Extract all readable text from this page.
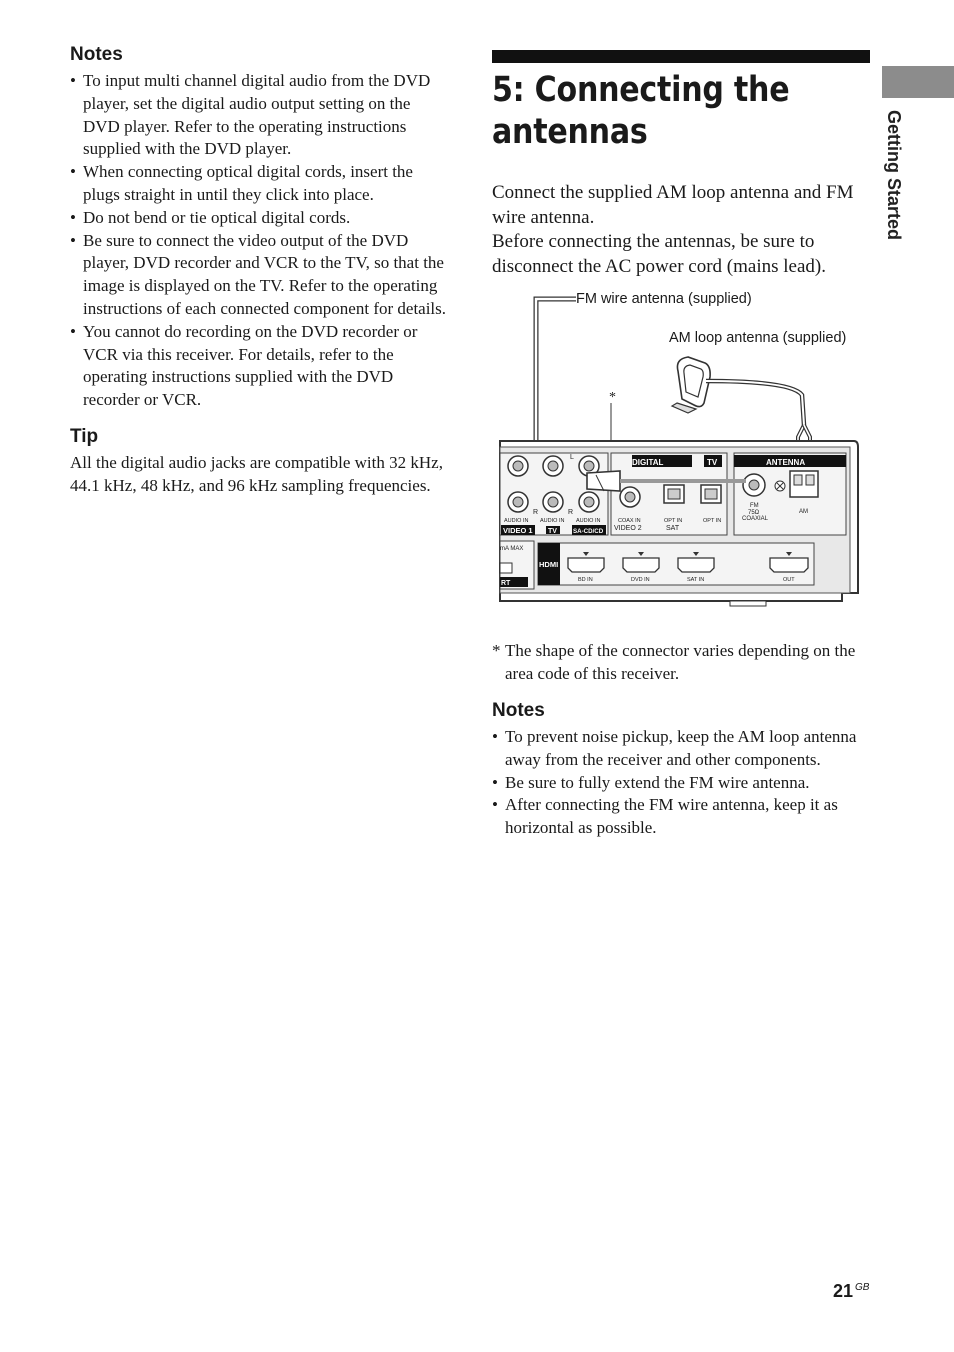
Notes
• To input multi channel digital audio from the DVD player, set the digital audio output setting on the DVD player. Refer to the operating instructions supplied with the DVD player.
• When connecting optical digital cords, insert the plugs straight in until they click into place.
• Do not bend or tie optical digital cords.
• Be sure to connect the video output of the DVD player, DVD recorder and VCR to the TV, so that the image is displayed on the TV. Refer to the operating instructions of each connected component for details.
• You cannot do recording on the DVD recorder or VCR via this receiver. For details, refer to the operating instructions supplied with the DVD recorder or VCR.
Tip

All the digital audio jacks are compatible with 32 kHz, 44.1 kHz, 48 kHz, and 96 kHz sampling frequencies.

5: Connecting the antennas

Connect the supplied AM loop antenna and FM wire antenna.

Before connecting the antennas, be sure to disconnect the AC power cord (mains lead).

FM wire antenna (supplied)
AM loop antenna (supplied)
*
L
R	R
AUDIO IN AUDIO IN AUDIO IN
VIDEO 1 TV	SA-CD/CD
DIGITAL	TV
COAX IN
VIDEO 2
OPT IN
SAT
OPT IN
ANTENNA
FM
75Ω
COAXIAL
AM
mA MAX
RT
HDMI
BD IN	DVD IN	SAT IN	OUT

* The shape of the connector varies depending on the area code of this receiver.

Notes
• To prevent noise pickup, keep the AM loop antenna away from the receiver and other components.
• Be sure to fully extend the FM wire antenna.
• After connecting the FM wire antenna, keep it as horizontal as possible.
Getting Started
21 $^{GB}$
